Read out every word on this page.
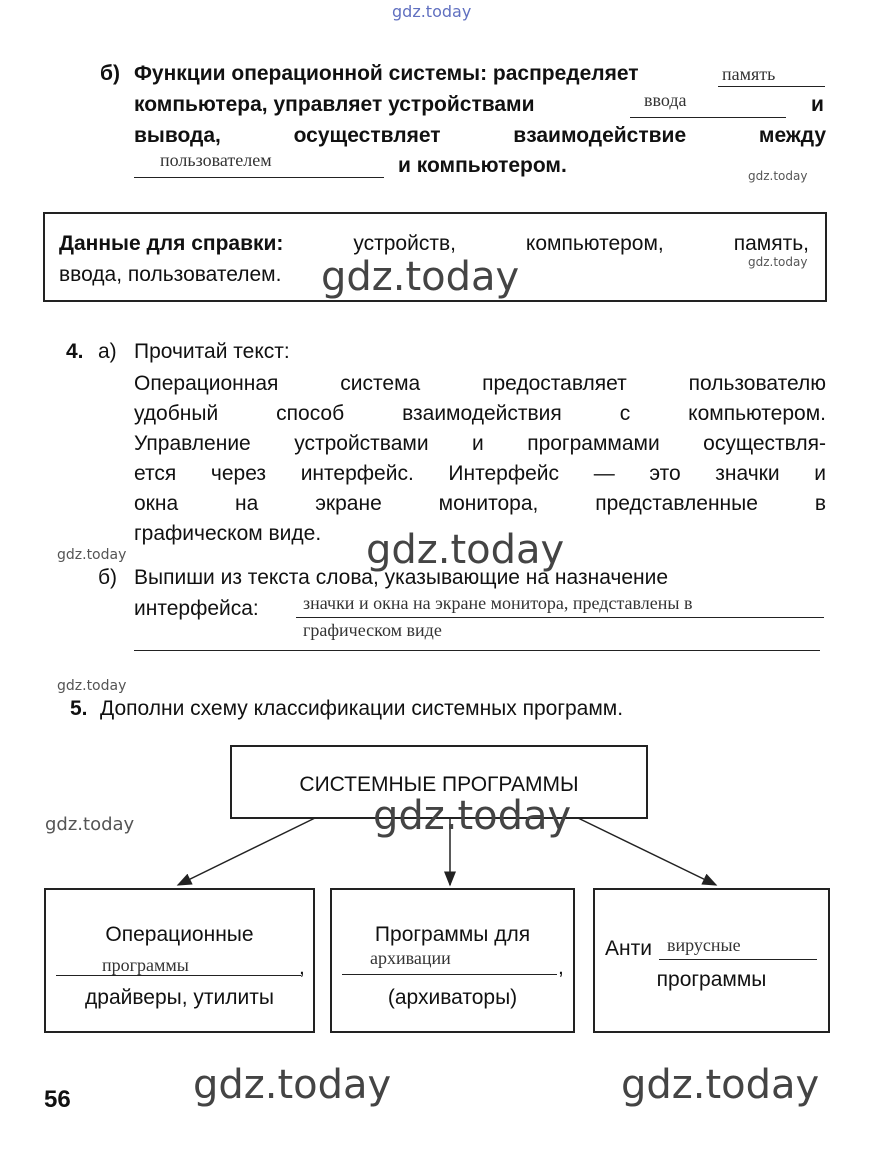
gdz.today
б) Функции операционной системы: распределяет	память
компьютера, управляет устройствами	ввода	и
вывода,	осуществляет	взаимодействие	между
пользователем	и компьютером.	gdz.today
Данные для справки:	устройств,	компьютером,	память,
ввода, пользователем.
gdz.today
gdz.today
4. а) Прочитай текст:
Операционная	система	предоставляет	пользователю
удобный	способ	взаимодействия	с	компьютером.
Управление устройствами и программами осуществля-
ется через интерфейс. Интерфейс — это значки и
окна	на	экране	монитора,	представленные	в
графическом виде. gdz.today
gdz.today
б) Выпиши из текста слова, указывающие на назначение
интерфейса: значки и окна на экране монитора, представлены в
графическом виде
gdz.today
5. Дополни схему классификации системных программ.
СИСТЕМНЫЕ ПРОГРАММЫ
gdz.today	gdz.today
Операционные
программы	,
драйверы, утилиты
Программы для
архивации	,
(архиваторы)
Анти вирусные
программы
56	gdz.today	gdz.today
